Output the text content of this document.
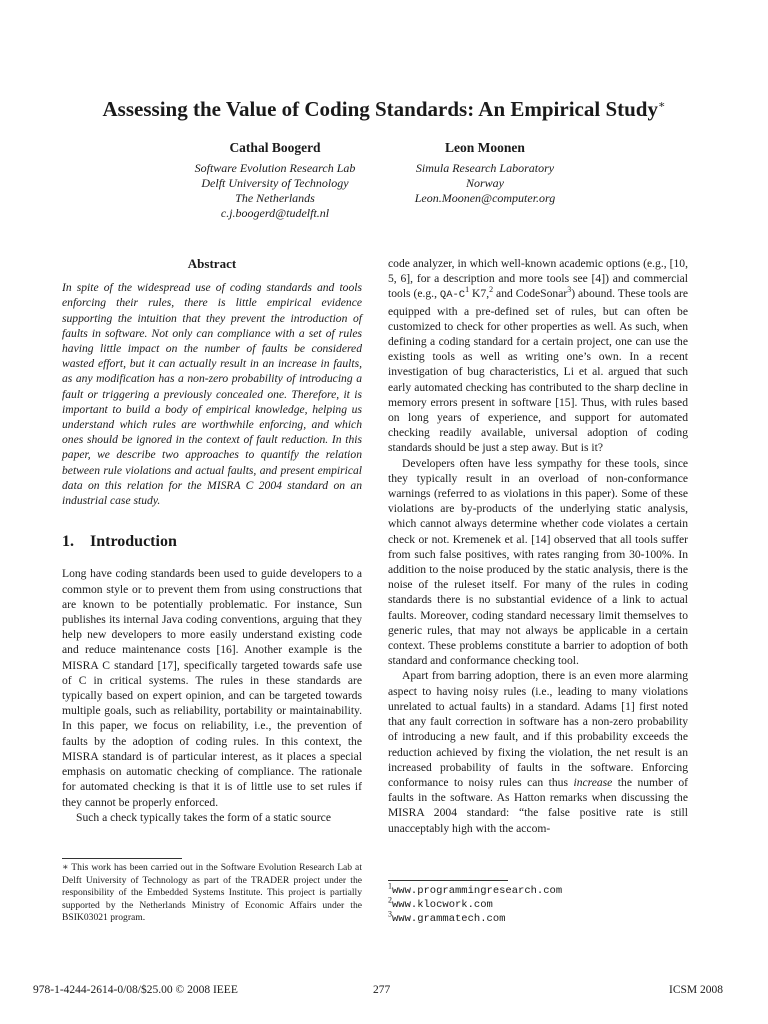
Assessing the Value of Coding Standards: An Empirical Study∗
Cathal Boogerd
Software Evolution Research Lab
Delft University of Technology
The Netherlands
c.j.boogerd@tudelft.nl
Leon Moonen
Simula Research Laboratory
Norway
Leon.Moonen@computer.org
Abstract

In spite of the widespread use of coding standards and tools enforcing their rules, there is little empirical evidence supporting the intuition that they prevent the introduction of faults in software. Not only can compliance with a set of rules having little impact on the number of faults be considered wasted effort, but it can actually result in an increase in faults, as any modification has a non-zero probability of introducing a fault or triggering a previously concealed one. Therefore, it is important to build a body of empirical knowledge, helping us understand which rules are worthwhile enforcing, and which ones should be ignored in the context of fault reduction. In this paper, we describe two approaches to quantify the relation between rule violations and actual faults, and present empirical data on this relation for the MISRA C 2004 standard on an industrial case study.

1. Introduction

Long have coding standards been used to guide developers to a common style or to prevent them from using constructions that are known to be potentially problematic. For instance, Sun publishes its internal Java coding conventions, arguing that they help new developers to more easily understand existing code and reduce maintenance costs [16]. Another example is the MISRA C standard [17], specifically targeted towards safe use of C in critical systems. The rules in these standards are typically based on expert opinion, and can be targeted towards multiple goals, such as reliability, portability or maintainability. In this paper, we focus on reliability, i.e., the prevention of faults by the adoption of coding rules. In this context, the MISRA standard is of particular interest, as it places a special emphasis on automatic checking of compliance. The rationale for automated checking is that it is of little use to set rules if they cannot be properly enforced.

Such a check typically takes the form of a static source

∗ This work has been carried out in the Software Evolution Research Lab at Delft University of Technology as part of the TRADER project under the responsibility of the Embedded Systems Institute. This project is partially supported by the Netherlands Ministry of Economic Affairs under the BSIK03021 program.

code analyzer, in which well-known academic options (e.g., [10, 5, 6], for a description and more tools see [4]) and commercial tools (e.g., $QA-C^1$ K7,$^2$ and CodeSonar$^3$) abound. These tools are equipped with a pre-defined set of rules, but can often be customized to check for other properties as well. As such, when defining a coding standard for a certain project, one can use the existing tools as well as writing one’s own. In a recent investigation of bug characteristics, Li et al. argued that such early automated checking has contributed to the sharp decline in memory errors present in software [15]. Thus, with rules based on long years of experience, and support for automated checking readily available, universal adoption of coding standards should be just a step away. But is it?

Developers often have less sympathy for these tools, since they typically result in an overload of non-conformance warnings (referred to as violations in this paper). Some of these violations are by-products of the underlying static analysis, which cannot always determine whether code violates a certain check or not. Kremenek et al. [14] observed that all tools suffer from such false positives, with rates ranging from 30-100%. In addition to the noise produced by the static analysis, there is the noise of the ruleset itself. For many of the rules in coding standards there is no substantial evidence of a link to actual faults. Moreover, coding standard necessary limit themselves to generic rules, that may not always be applicable in a certain context. These problems constitute a barrier to adoption of both standard and conformance checking tool.

Apart from barring adoption, there is an even more alarming aspect to having noisy rules (i.e., leading to many violations unrelated to actual faults) in a standard. Adams [1] first noted that any fault correction in software has a non-zero probability of introducing a new fault, and if this probability exceeds the reduction achieved by fixing the violation, the net result is an increased probability of faults in the software. Enforcing conformance to noisy rules can thus increase the number of faults in the software. As Hatton remarks when discussing the MISRA 2004 standard: “the false positive rate is still unacceptably high with the accom-

$^1$www.programmingresearch.com
$^2$www.klocwork.com
$^3$www.grammatech.com
978-1-4244-2614-0/08/$25.00 © 2008 IEEE	277	ICSM 2008
